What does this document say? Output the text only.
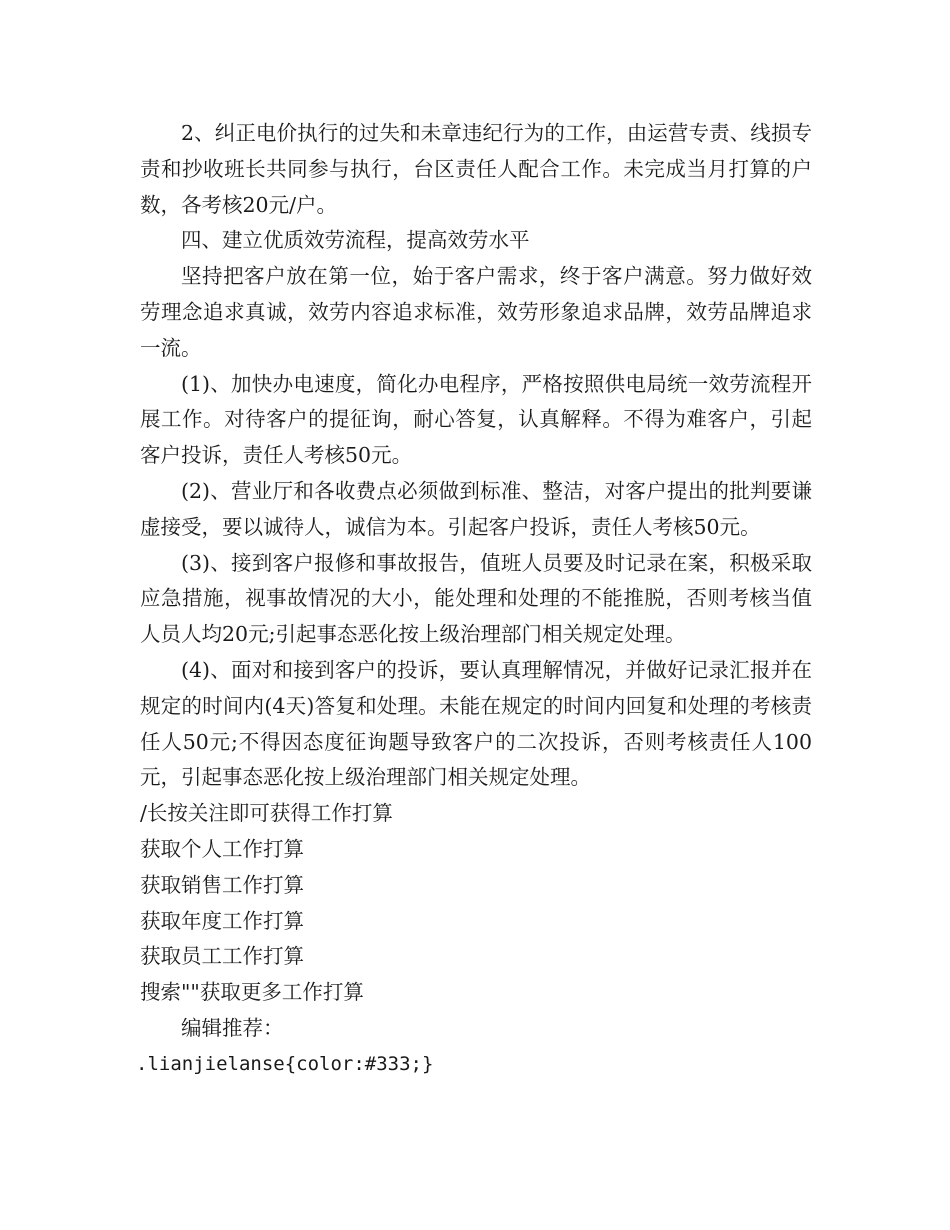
2、纠正电价执行的过失和未章违纪行为的工作，由运营专责、线损专责和抄收班长共同参与执行，台区责任人配合工作。未完成当月打算的户数，各考核20元/户。

四、建立优质效劳流程，提高效劳水平

坚持把客户放在第一位，始于客户需求，终于客户满意。努力做好效劳理念追求真诚，效劳内容追求标准，效劳形象追求品牌，效劳品牌追求一流。

(1)、加快办电速度，简化办电程序，严格按照供电局统一效劳流程开展工作。对待客户的提征询，耐心答复，认真解释。不得为难客户，引起客户投诉，责任人考核50元。

(2)、营业厅和各收费点必须做到标准、整洁，对客户提出的批判要谦虚接受，要以诚待人，诚信为本。引起客户投诉，责任人考核50元。

(3)、接到客户报修和事故报告，值班人员要及时记录在案，积极采取应急措施，视事故情况的大小，能处理和处理的不能推脱，否则考核当值人员人均20元;引起事态恶化按上级治理部门相关规定处理。

(4)、面对和接到客户的投诉，要认真理解情况，并做好记录汇报并在规定的时间内(4天)答复和处理。未能在规定的时间内回复和处理的考核责任人50元;不得因态度征询题导致客户的二次投诉，否则考核责任人100元，引起事态恶化按上级治理部门相关规定处理。

/长按关注即可获得工作打算

获取个人工作打算

获取销售工作打算

获取年度工作打算

获取员工工作打算

搜索""获取更多工作打算

编辑推荐：

.lianjielanse{color:#333;}
